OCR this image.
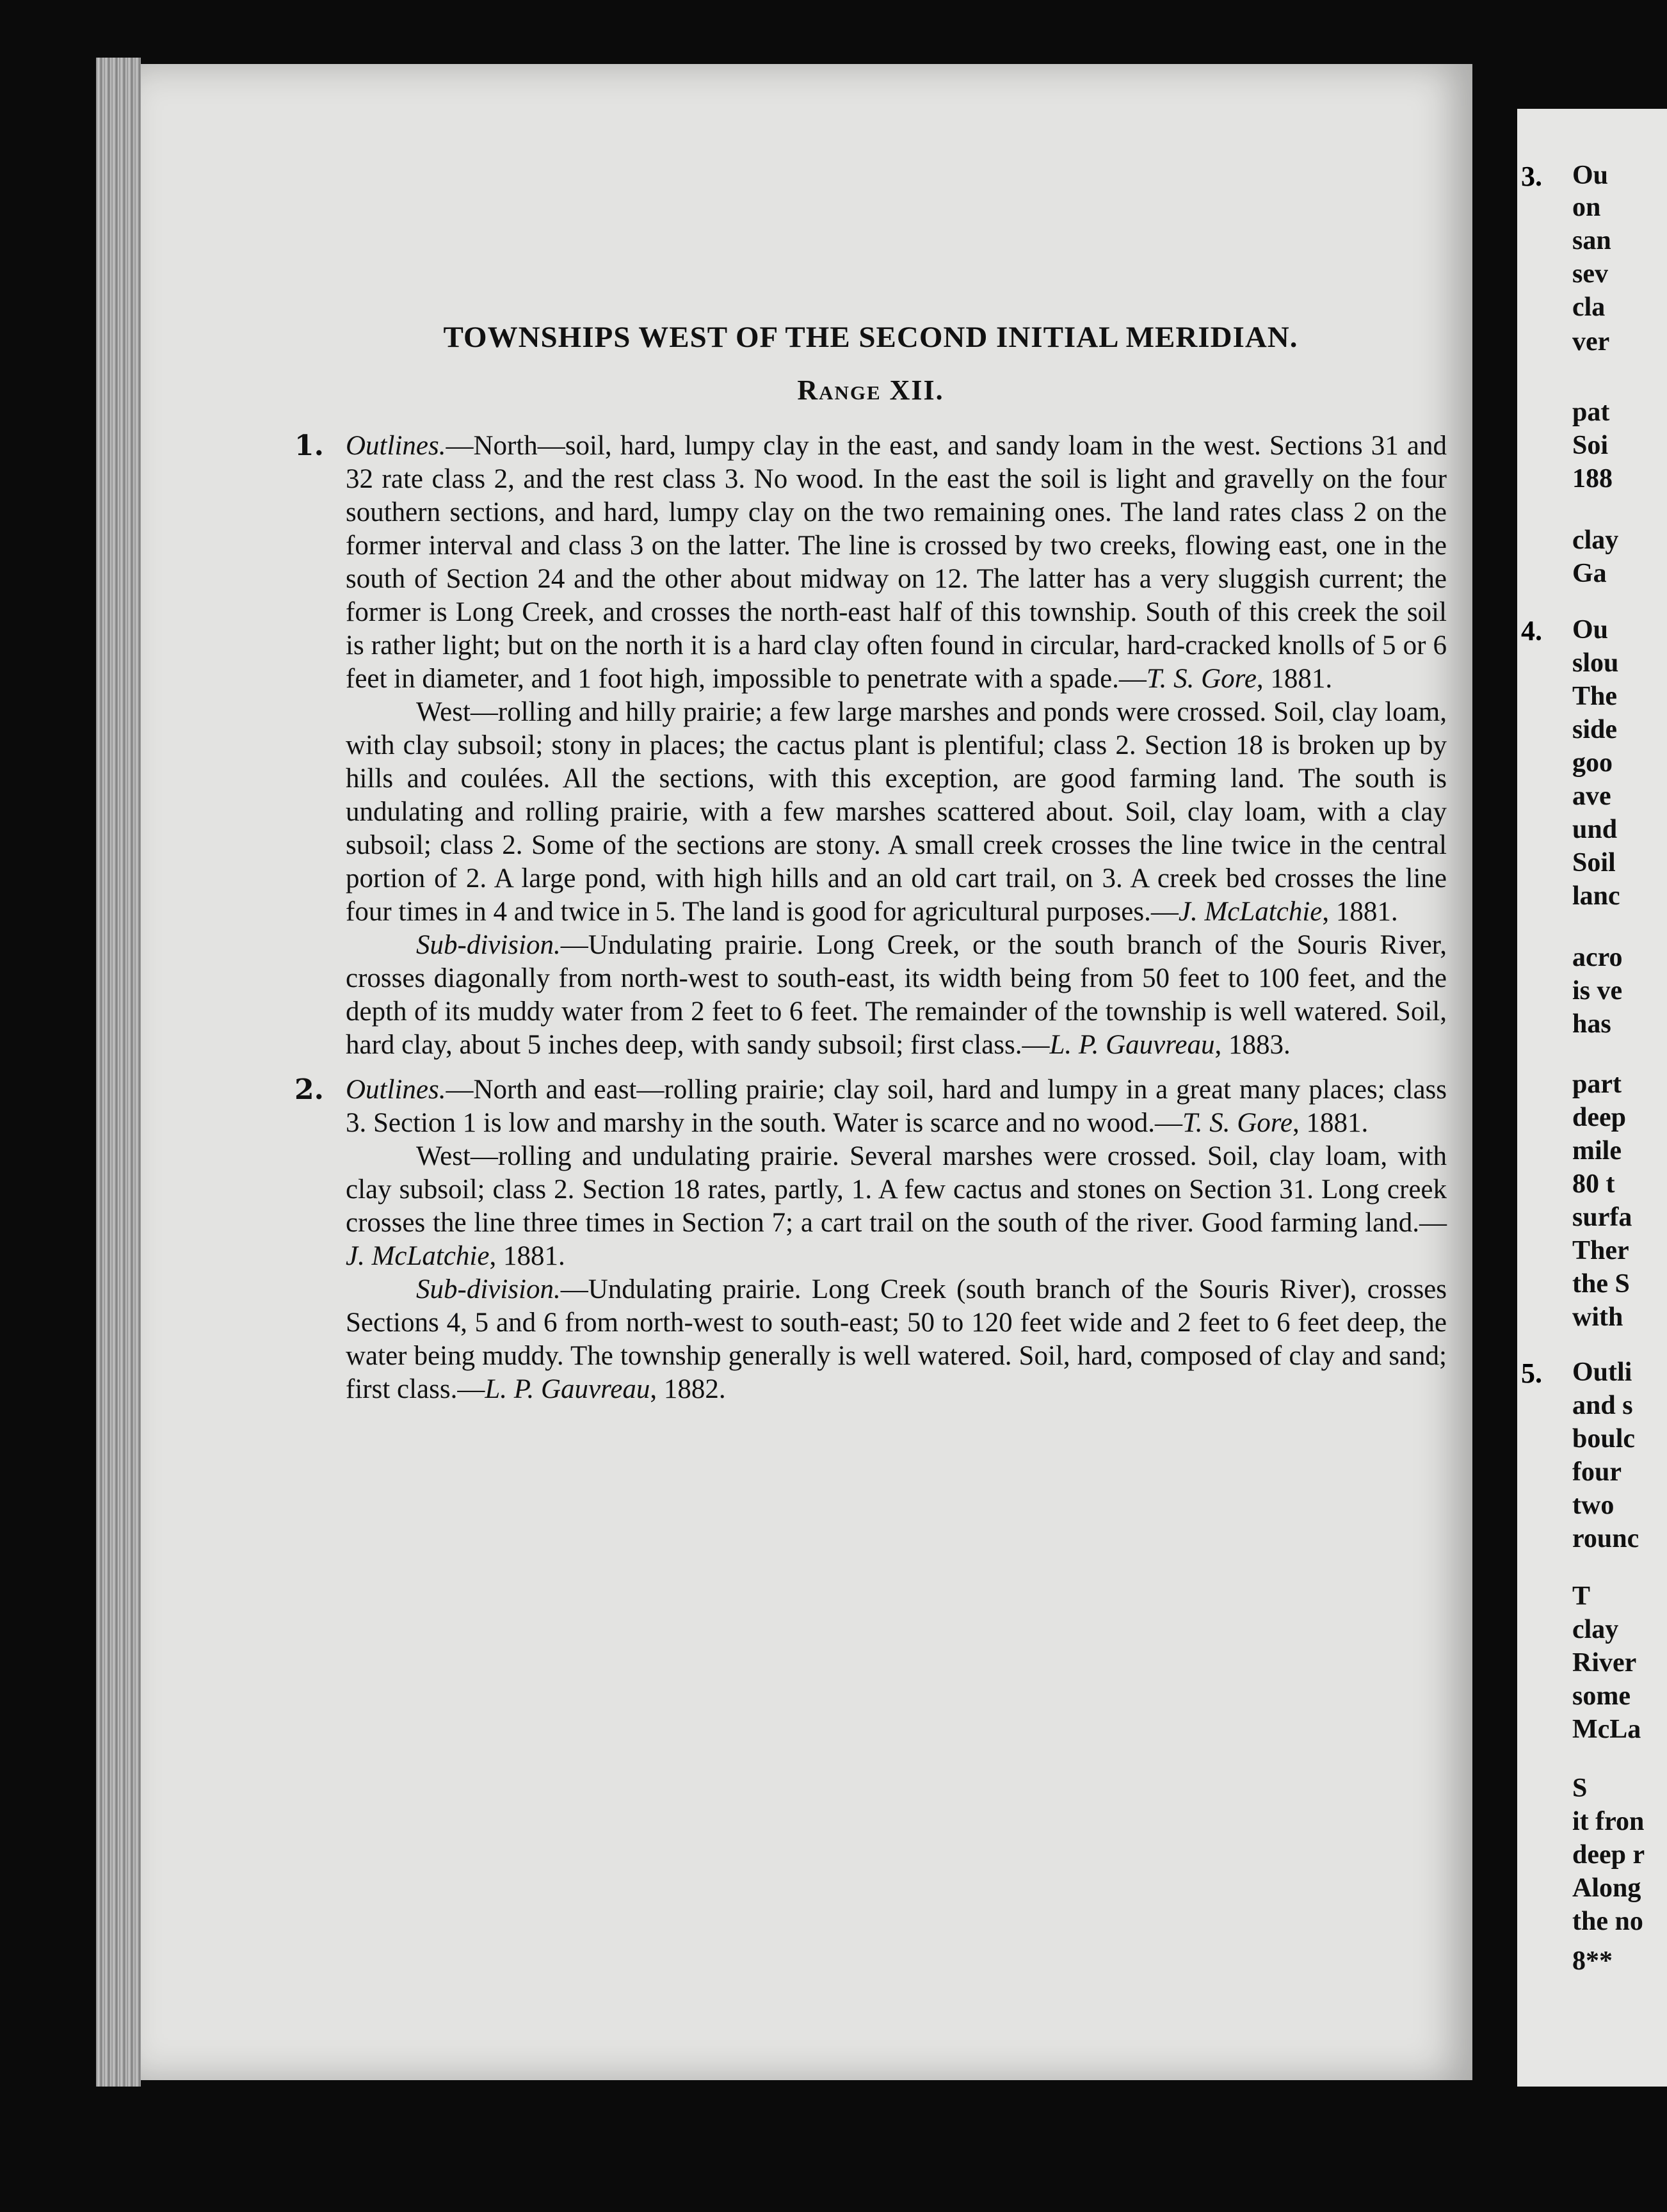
TOWNSHIPS WEST OF THE SECOND INITIAL MERIDIAN.
Range XII.
1. Outlines.—North—soil, hard, lumpy clay in the east, and sandy loam in the west. Sections 31 and 32 rate class 2, and the rest class 3. No wood. In the east the soil is light and gravelly on the four southern sections, and hard, lumpy clay on the two remaining ones. The land rates class 2 on the former interval and class 3 on the latter. The line is crossed by two creeks, flowing east, one in the south of Section 24 and the other about midway on 12. The latter has a very sluggish current; the former is Long Creek, and crosses the north-east half of this township. South of this creek the soil is rather light; but on the north it is a hard clay often found in circular, hard-cracked knolls of 5 or 6 feet in diameter, and 1 foot high, impossible to penetrate with a spade.—T. S. Gore, 1881.

West—rolling and hilly prairie; a few large marshes and ponds were crossed. Soil, clay loam, with clay subsoil; stony in places; the cactus plant is plentiful; class 2. Section 18 is broken up by hills and coulées. All the sections, with this exception, are good farming land. The south is undulating and rolling prairie, with a few marshes scattered about. Soil, clay loam, with a clay subsoil; class 2. Some of the sections are stony. A small creek crosses the line twice in the central portion of 2. A large pond, with high hills and an old cart trail, on 3. A creek bed crosses the line four times in 4 and twice in 5. The land is good for agricultural purposes.—J. McLatchie, 1881.

Sub-division.—Undulating prairie. Long Creek, or the south branch of the Souris River, crosses diagonally from north-west to south-east, its width being from 50 feet to 100 feet, and the depth of its muddy water from 2 feet to 6 feet. The remainder of the township is well watered. Soil, hard clay, about 5 inches deep, with sandy subsoil; first class.—L. P. Gauvreau, 1883.

2. Outlines.—North and east—rolling prairie; clay soil, hard and lumpy in a great many places; class 3. Section 1 is low and marshy in the south. Water is scarce and no wood.—T. S. Gore, 1881.

West—rolling and undulating prairie. Several marshes were crossed. Soil, clay loam, with clay subsoil; class 2. Section 18 rates, partly, 1. A few cactus and stones on Section 31. Long creek crosses the line three times in Section 7; a cart trail on the south of the river. Good farming land.—J. McLatchie, 1881.

Sub-division.—Undulating prairie. Long Creek (south branch of the Souris River), crosses Sections 4, 5 and 6 from north-west to south-east; 50 to 120 feet wide and 2 feet to 6 feet deep, the water being muddy. The township generally is well watered. Soil, hard, composed of clay and sand; first class.—L. P. Gauvreau, 1882.

Ou
3.
on
san
sev
cla
ver
pat
Soi
188
clay
Ga
Ou
4.
slou
The
side
goo
ave
und
Soil
lanc
acro
is ve
has
part
deep
mile
80 t
surfa
Ther
the S
with
Outli
5.
and s
boulc
four
two
rounc
T
clay
River
some
McLa
S
it fron
deep r
Along
the no
8**
